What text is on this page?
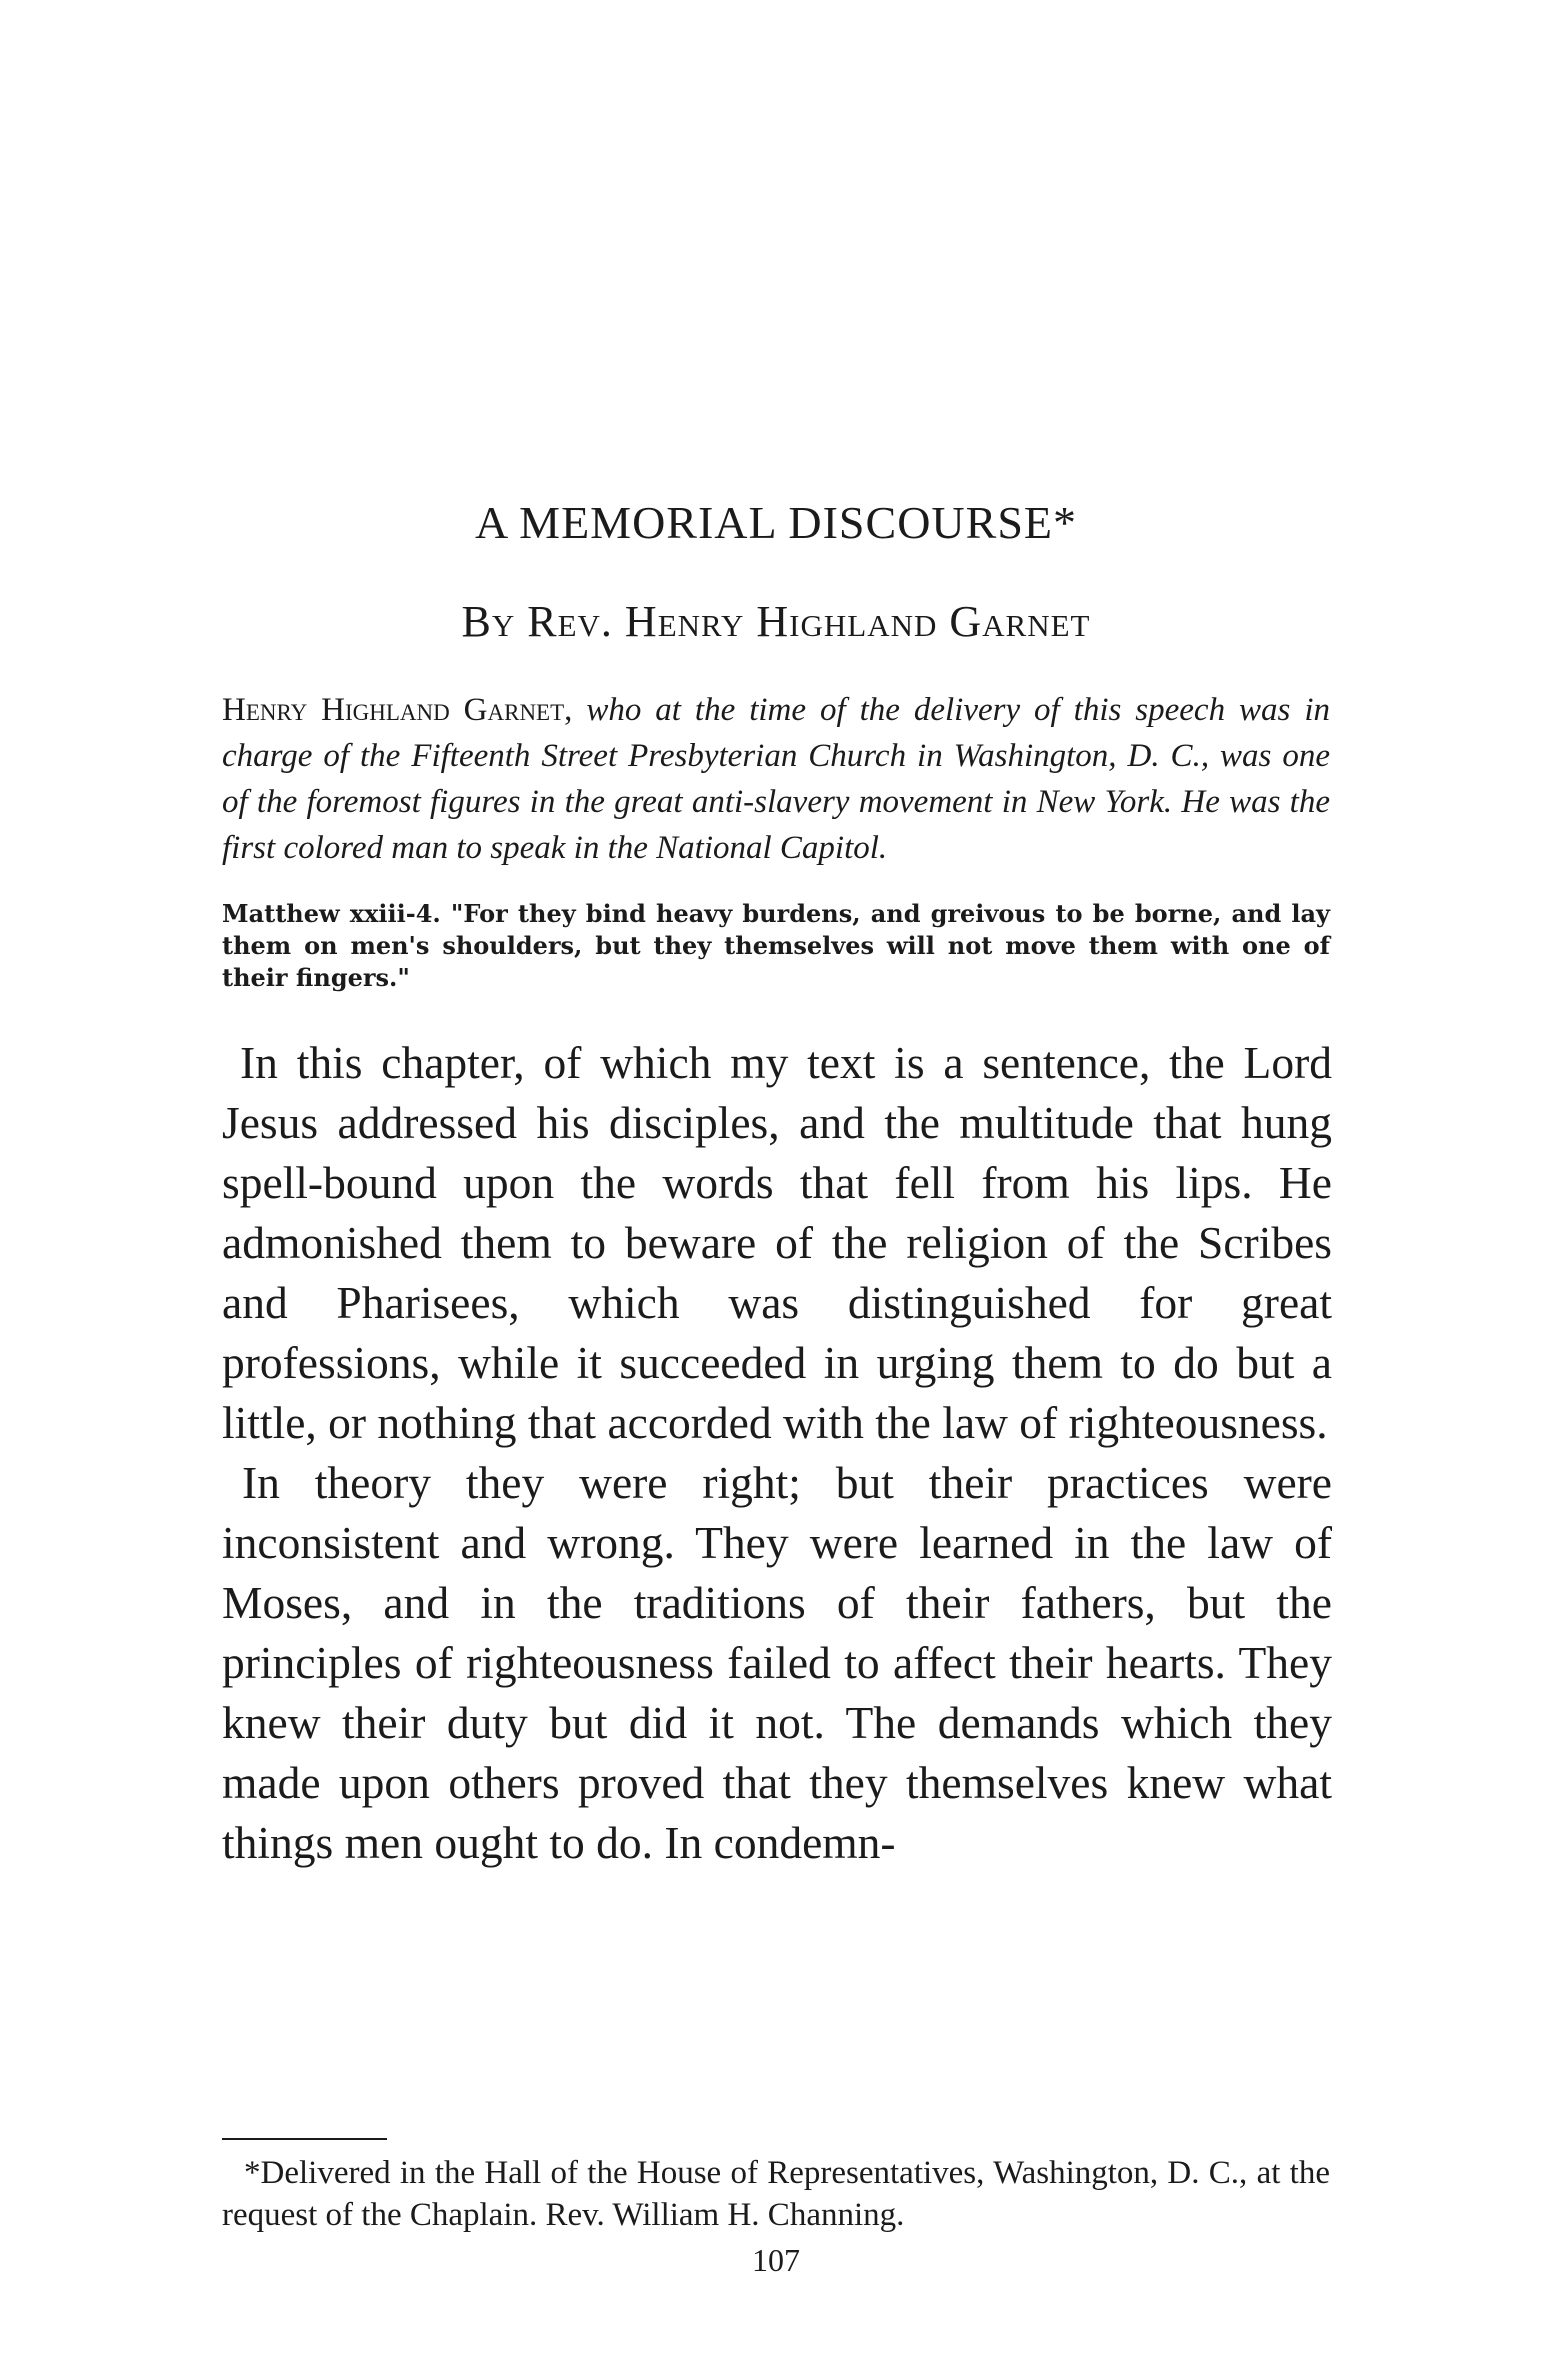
A MEMORIAL DISCOURSE*
By Rev. Henry Highland Garnet
Henry Highland Garnet, who at the time of the delivery of this speech was in charge of the Fifteenth Street Presbyterian Church in Washington, D. C., was one of the foremost figures in the great anti-slavery movement in New York. He was the first colored man to speak in the National Capitol.
Matthew xxiii-4. "For they bind heavy burdens, and greivous to be borne, and lay them on men's shoulders, but they themselves will not move them with one of their fingers."

In this chapter, of which my text is a sentence, the Lord Jesus addressed his disciples, and the multitude that hung spell-bound upon the words that fell from his lips. He admonished them to beware of the religion of the Scribes and Pharisees, which was distinguished for great professions, while it succeeded in urging them to do but a little, or nothing that accorded with the law of righteousness.

In theory they were right; but their practices were inconsistent and wrong. They were learned in the law of Moses, and in the traditions of their fathers, but the principles of righteousness failed to affect their hearts. They knew their duty but did it not. The demands which they made upon others proved that they themselves knew what things men ought to do. In condemn-

*Delivered in the Hall of the House of Representatives, Washington, D. C., at the request of the Chaplain. Rev. William H. Channing.
107
